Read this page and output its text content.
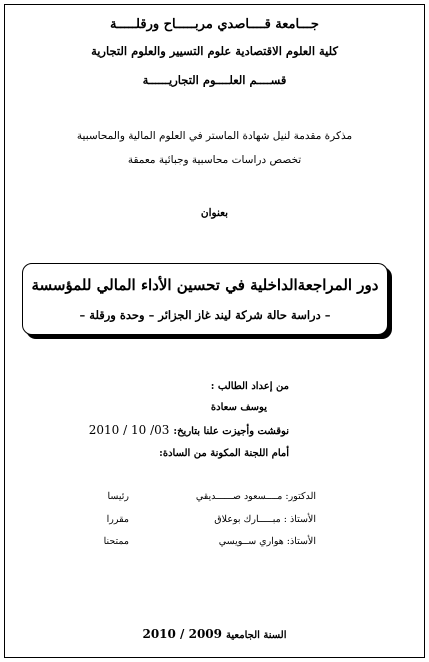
جـــامعة قــــاصدي مربـــــاح ورقلـــــة
كلية العلوم الاقتصادية علوم التسيير والعلوم التجارية
قســــم العلــــوم التجاريــــــة
مذكرة مقدمة لنيل شهادة الماستر في العلوم المالية والمحاسبية
تخصص دراسات محاسبية وجبائية معمقة
بعنوان
دور المراجعةالداخلية في تحسين الأداء المالي للمؤسسة
– دراسة حالة شركة ليند غاز الجزائر – وحدة ورقلة –
من إعداد الطالب :
يوسف سعادة
نوقشت وأجيزت علنا بتاريخ:2010 / 10 /03
أمام اللجنة المكونة من السادة:
الدكتور: مــــسعود صــــــديقي
رئيسا
الأستاذ : مبـــــارك بوعلاق
مقررا
الأستاذ: هواري ســويسي
ممتحنا
السنة الجامعية2010 / 2009
